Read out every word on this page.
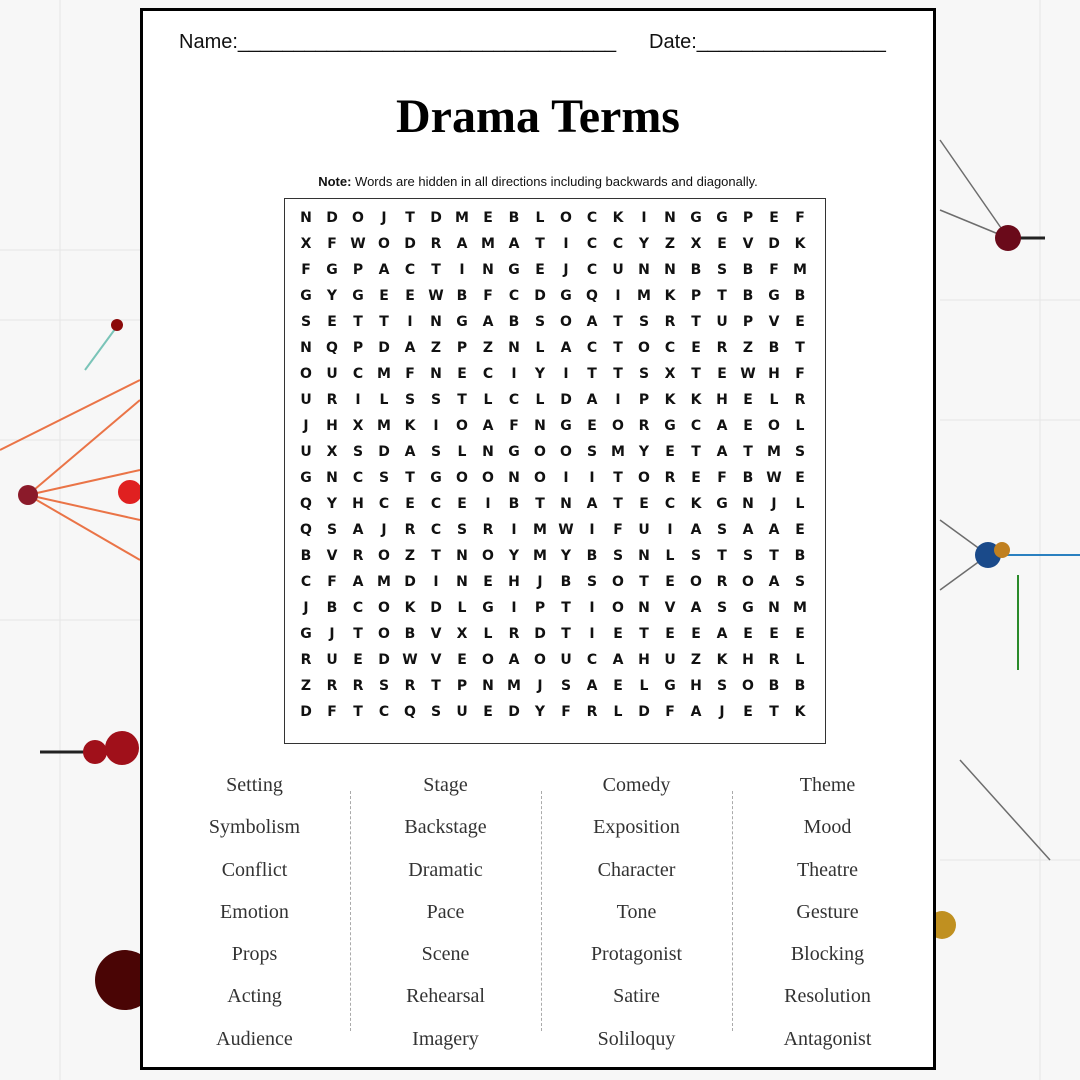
Name:__________________________________ Date:_________________
Drama Terms
Note: Words are hidden in all directions including backwards and diagonally.
N	D	O	J	T	D M	E	B	L	O	C	K	I	N	G	G	P	E	F
X	F W O	D	R	A M A	T	I	C	C	Y	Z	X	E	V	D	K
F	G	P	A	C	T	I	N	G	E	J	C	U	N	N	B	S	B	F	M
G	Y	G	E	E W B	F	C	D	G	Q	I	M K	P	T	B	G	B
S	E	T	T	I	N	G	A	B	S	O	A	T	S	R	T	U	P	V	E
N	Q	P	D	A	Z	P	Z	N	L	A	C	T	O	C	E	R	Z	B	T
O	U	C M	F	N	E	C	I	Y	I	T	T	S	X	T	E W H	F
U	R	I	L	S	S	T	L	C	L	D	A	I	P	K	K	H	E	L	R
J	H	X M K	I	O	A	F	N	G	E	O	R	G	C	A	E	O	L
U	X	S	D	A	S	L	N	G	O	O	S M Y	E	T	A	T	M S
G	N	C	S	T	G	O	O	N	O	I	I	T	O	R	E	F	B W E
Q	Y	H	C	E	C	E	I	B	T	N	A	T	E	C	K	G	N	J	L
Q	S	A	J	R	C	S	R	I	M W	I	F	U	I	A	S	A	A	E
B	V	R	O	Z	T	N	O	Y M Y	B	S	N	L	S	T	S	T	B
C	F	A M D	I	N	E	H	J	B	S	O	T	E	O	R	O	A	S
J	B	C	O	K	D	L	G	I	P	T	I	O	N	V	A	S	G	N M
G	J	T	O	B	V	X	L	R	D	T	I	E	T	E	E	A	E	E	E
R	U	E	D W V	E	O	A	O	U	C	A	H	U	Z	K	H	R	L
Z	R	R	S	R	T	P	N M	J	S	A	E	L	G	H	S	O	B	B
D	F	T	C	Q	S	U	E	D	Y	F	R	L	D	F	A	J	E	T	K
Setting
Symbolism
Conflict
Emotion
Props
Acting
Audience
Stage
Backstage
Dramatic
Pace
Scene
Rehearsal
Imagery
Comedy
Exposition
Character
Tone
Protagonist
Satire
Soliloquy
Theme
Mood
Theatre
Gesture
Blocking
Resolution
Antagonist
